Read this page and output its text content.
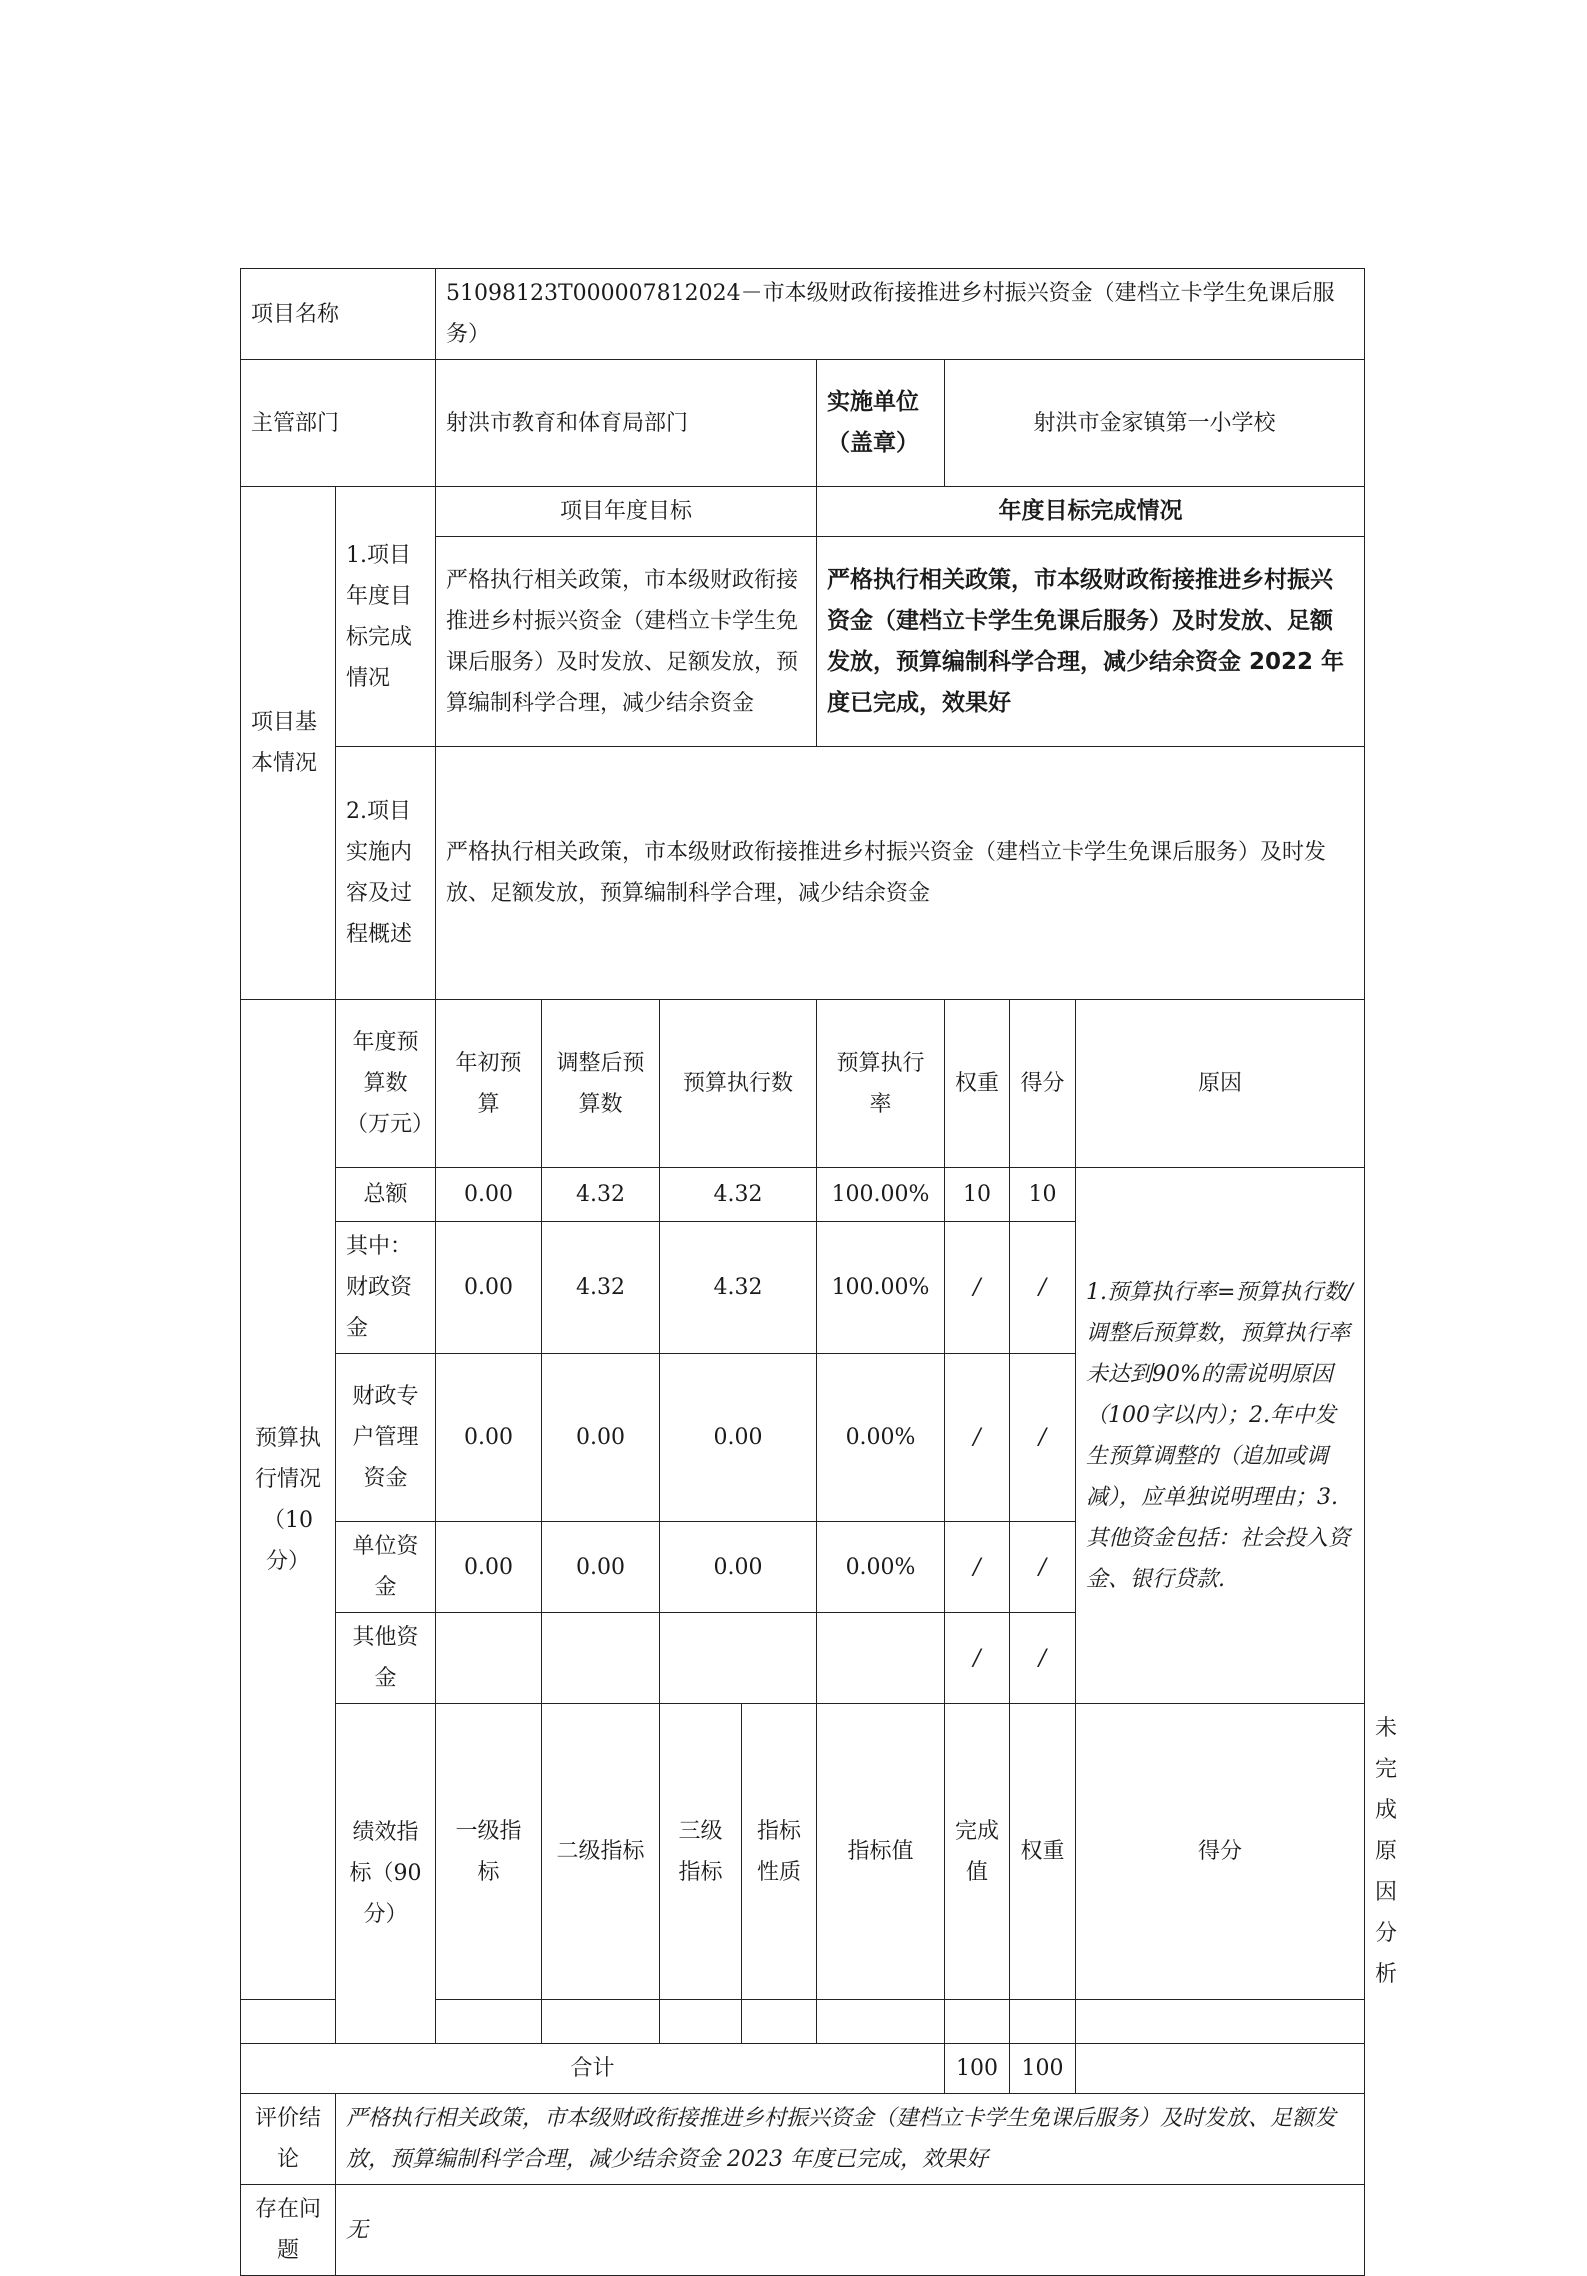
项目名称		51098123T000007812024－市本级财政衔接推进乡村振兴资金（建档立卡学生免课后服务）								
主管部门		射洪市教育和体育局部门				实施单位（盖章）	射洪市金家镇第一小学校			
项目基本情况	1.项目年度目标完成情况	项目年度目标				年度目标完成情况				
		严格执行相关政策，市本级财政衔接推进乡村振兴资金（建档立卡学生免课后服务）及时发放、足额发放，预算编制科学合理，减少结余资金				严格执行相关政策，市本级财政衔接推进乡村振兴资金（建档立卡学生免课后服务）及时发放、足额发放，预算编制科学合理，减少结余资金 2022 年度已完成，效果好				
	2.项目实施内容及过程概述	严格执行相关政策，市本级财政衔接推进乡村振兴资金（建档立卡学生免课后服务）及时发放、足额发放，预算编制科学合理，减少结余资金								
预算执行情况（10分）	年度预算数（万元）	年初预算	调整后预算数	预算执行数		预算执行率	权重	得分	原因	
	总额	0.00	4.32	4.32		100.00%	10	10	1.预算执行率=预算执行数/调整后预算数，预算执行率未达到90%的需说明原因（100字以内）；2.年中发生预算调整的（追加或调减），应单独说明理由；3.其他资金包括：社会投入资金、银行贷款.	
	其中：财政资金	0.00	4.32	4.32		100.00%	/	/		
	财政专户管理资金	0.00	0.00	0.00		0.00%	/	/		
	单位资金	0.00	0.00	0.00		0.00%	/	/		
	其他资金						/	/		
	绩效指标（90分）	一级指标	二级指标	三级指标	指标性质	指标值	完成值	权重	得分	未完成原因分析

合计							100	100		
评价结论	严格执行相关政策，市本级财政衔接推进乡村振兴资金（建档立卡学生免课后服务）及时发放、足额发放，预算编制科学合理，减少结余资金 2023 年度已完成，效果好									
存在问题	无									
